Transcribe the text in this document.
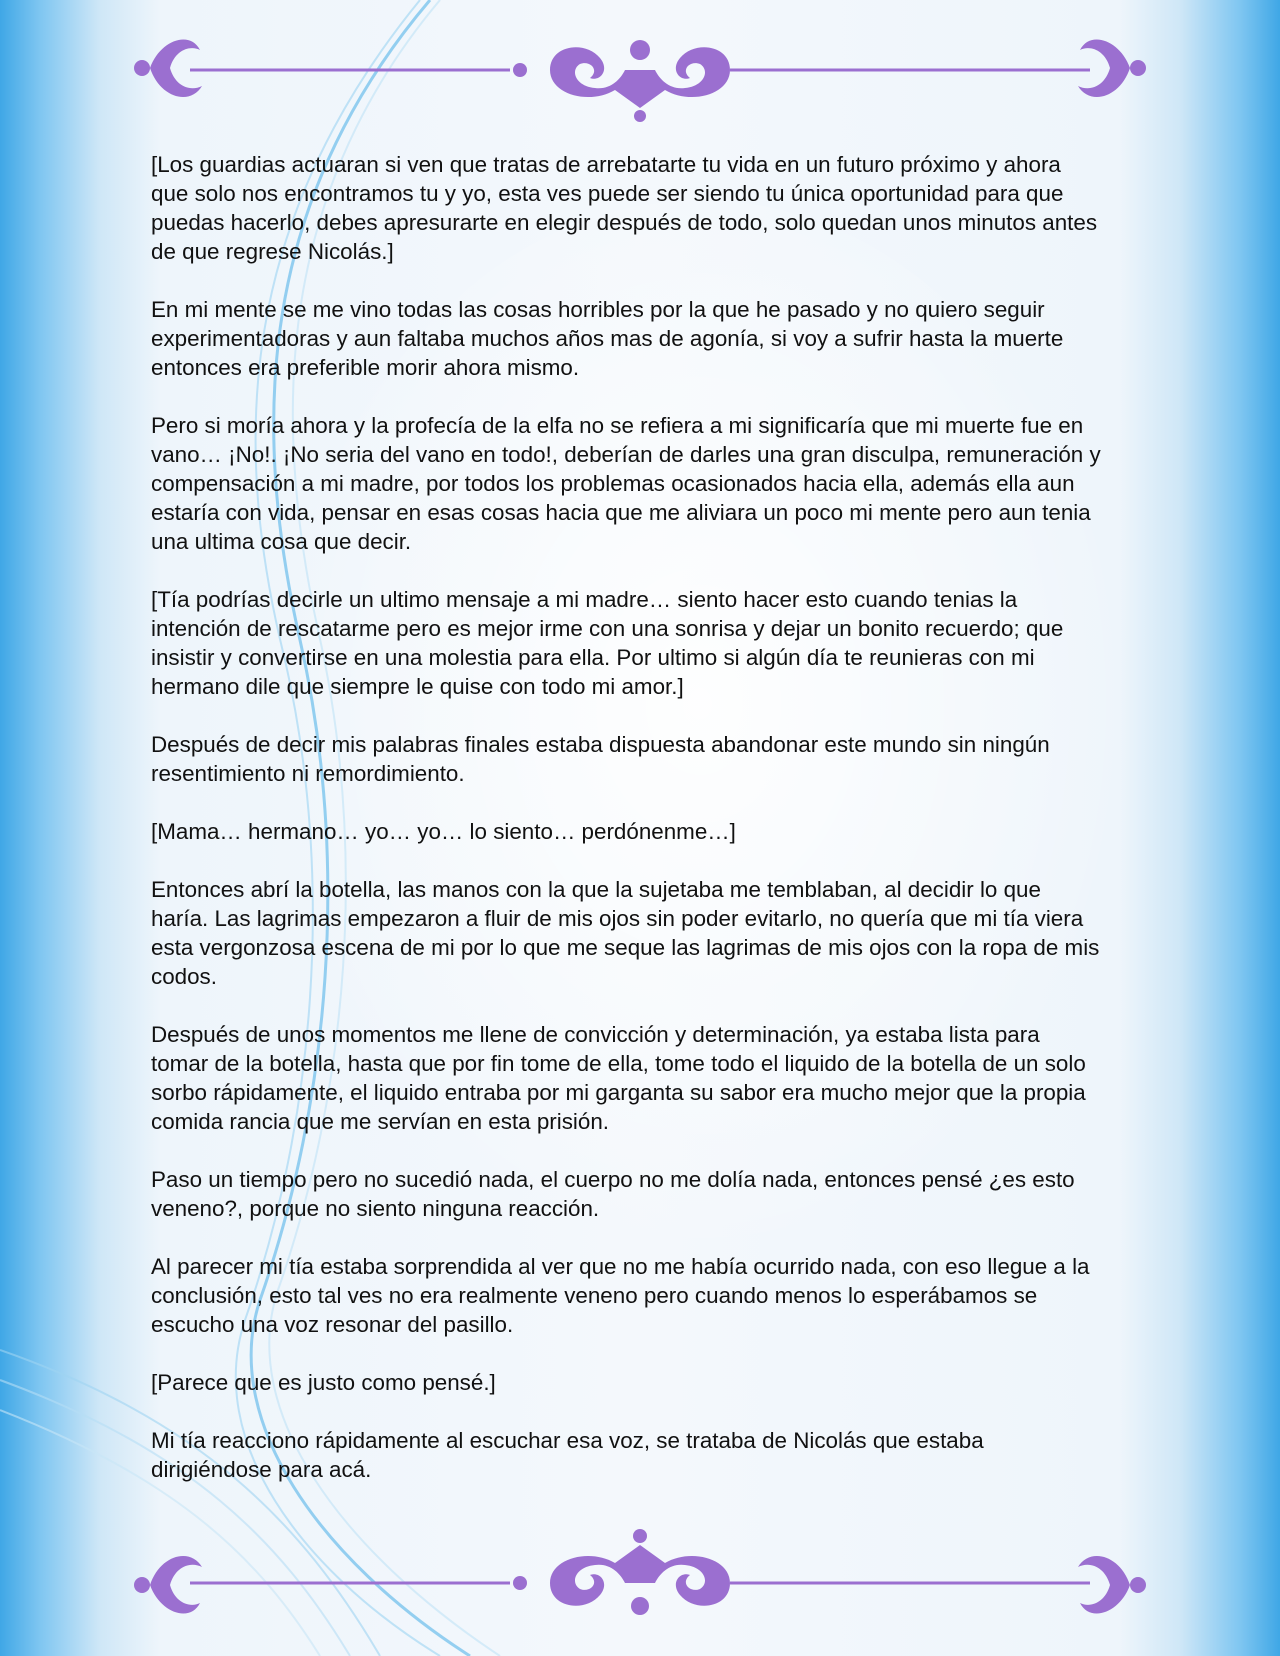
[Los guardias actuaran si ven que tratas de arrebatarte tu vida en un futuro próximo y ahora que solo nos encontramos tu y yo, esta ves puede ser siendo tu única oportunidad para que puedas hacerlo, debes apresurarte en elegir después de todo, solo quedan unos minutos antes de que regrese Nicolás.]

En mi mente se me vino todas las cosas horribles por la que he pasado y no quiero seguir experimentadoras y aun faltaba muchos años mas de agonía, si voy a sufrir hasta la muerte entonces era preferible morir ahora mismo.

Pero si moría ahora y la profecía de la elfa no se refiera a mi significaría que mi muerte fue en vano… ¡No!. ¡No seria del vano en todo!, deberían de darles una gran disculpa, remuneración y compensación a mi madre, por todos los problemas ocasionados hacia ella, además ella aun estaría con vida, pensar en esas cosas hacia que me aliviara un poco mi mente pero aun tenia una ultima cosa que decir.

[Tía podrías decirle un ultimo mensaje a mi madre… siento hacer esto cuando tenias la intención de rescatarme pero es mejor irme con una sonrisa y dejar un bonito recuerdo; que insistir y convertirse en una molestia para ella. Por ultimo si algún día te reunieras con mi hermano dile que siempre le quise con todo mi amor.]

Después de decir mis palabras finales estaba dispuesta abandonar este mundo sin ningún resentimiento ni remordimiento.

[Mama… hermano… yo… yo… lo siento… perdónenme…]

Entonces abrí la botella, las manos con la que la sujetaba me temblaban, al decidir lo que haría. Las lagrimas empezaron a fluir de mis ojos sin poder evitarlo, no quería que mi tía viera esta vergonzosa escena de mi por lo que me seque las lagrimas de mis ojos con la ropa de mis codos.

Después de unos momentos me llene de convicción y determinación, ya estaba lista para tomar de la botella, hasta que por fin tome de ella, tome todo el liquido de la botella de un solo sorbo rápidamente, el liquido entraba por mi garganta su sabor era mucho mejor que la propia comida rancia que me servían en esta prisión.

Paso un tiempo pero no sucedió nada, el cuerpo no me dolía nada, entonces pensé ¿es esto veneno?, porque no siento ninguna reacción.

Al parecer mi tía estaba sorprendida al ver que no me había ocurrido nada, con eso llegue a la conclusión, esto tal ves no era realmente veneno pero cuando menos lo esperábamos se escucho una voz resonar del pasillo.

[Parece que es justo como pensé.]

Mi tía reacciono rápidamente al escuchar esa voz, se trataba de Nicolás que estaba dirigiéndose para acá.
